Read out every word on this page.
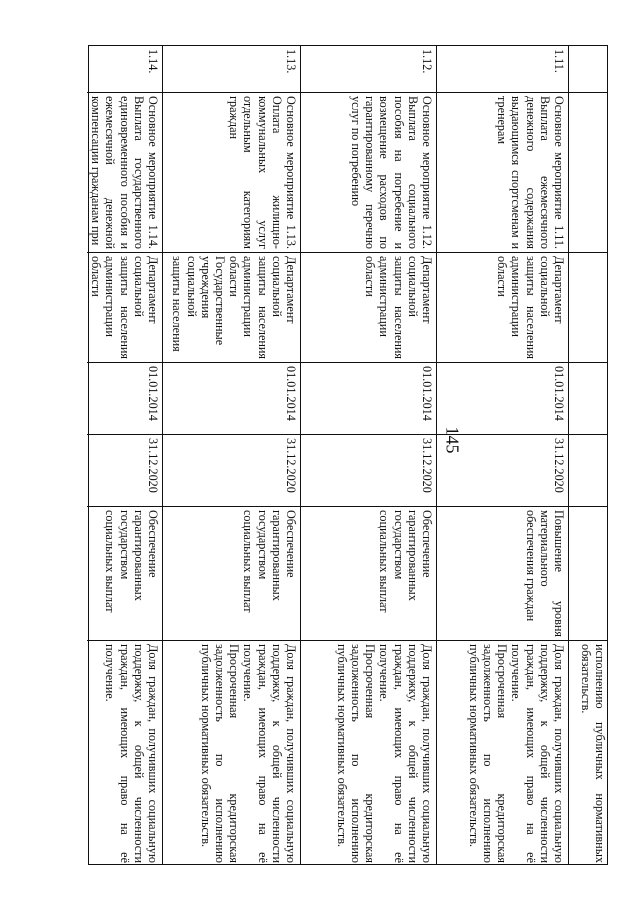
145

исполнению публичных нормативных обязательств.

1.11.
Основное мероприятие 1.11. Выплата ежемесячного денежного содержания выдающимся спортсменам и тренерам
Департамент социальной защиты населения администрации области
01.01.2014
31.12.2020
Повышение уровня материального обеспечения граждан

Доля граждан, получивших социальную поддержку, к общей численности граждан, имеющих право на её получение.

Просроченная кредиторская задолженность по исполнению публичных нормативных обязательств.

1.12.
Основное мероприятие 1.12. Выплата социального пособия на погребение и возмещение расходов по гарантированному перечню услуг по погребению
Департамент социальной защиты населения администрации области
01.01.2014
31.12.2020
Обеспечение гарантированных государством социальных выплат

Доля граждан, получивших социальную поддержку, к общей численности граждан, имеющих право на её получение.

Просроченная кредиторская задолженность по исполнению публичных нормативных обязательств.

1.13.
Основное мероприятие 1.13. Оплата жилищно-коммунальных услуг отдельным категориям граждан
Департамент социальной защиты населения администрации области Государственные учреждения социальной защиты населения
01.01.2014
31.12.2020
Обеспечение гарантированных государством социальных выплат

Доля граждан, получивших социальную поддержку, к общей численности граждан, имеющих право на её получение.

Просроченная кредиторская задолженность по исполнению публичных нормативных обязательств.

1.14.
Основное мероприятие 1.14. Выплата государственного единовременного пособия и ежемесячной денежной компенсации гражданам при
Департамент социальной защиты населения администрации области
01.01.2014
31.12.2020
Обеспечение гарантированных государством социальных выплат

Доля граждан, получивших социальную поддержку, к общей численности граждан, имеющих право на её получение.
